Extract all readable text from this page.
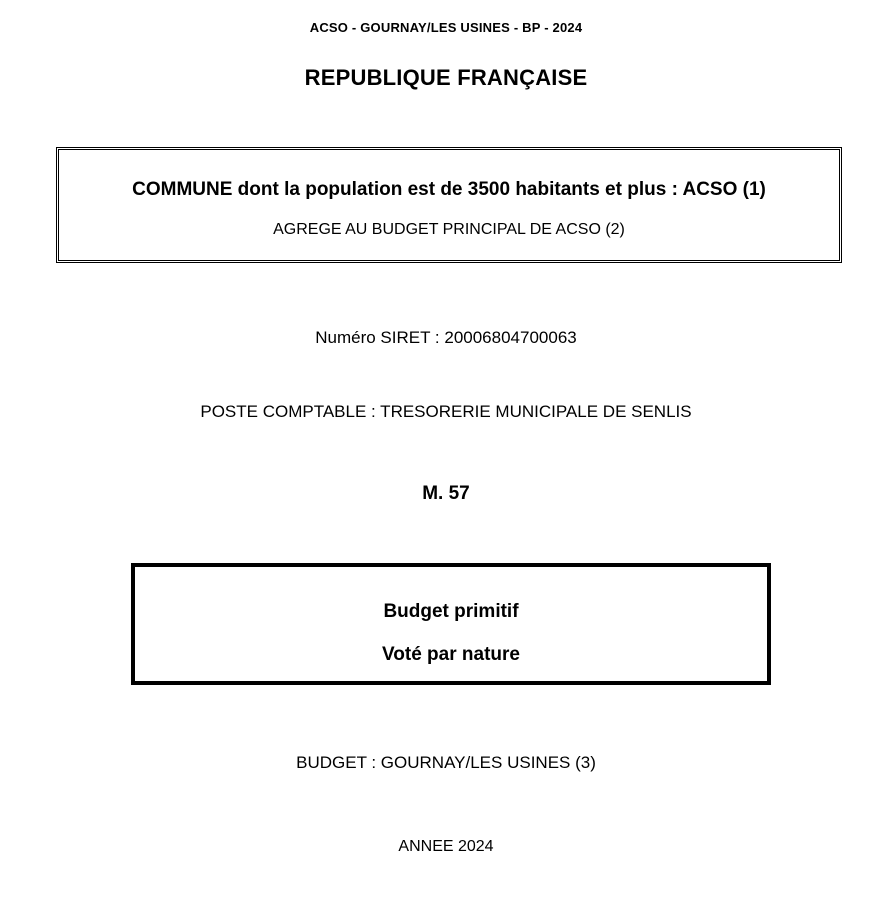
ACSO - GOURNAY/LES USINES - BP - 2024
REPUBLIQUE FRANÇAISE
COMMUNE dont la population est de 3500 habitants et plus : ACSO (1)
AGREGE AU BUDGET PRINCIPAL DE ACSO (2)
Numéro SIRET : 20006804700063
POSTE COMPTABLE : TRESORERIE MUNICIPALE DE SENLIS
M. 57
Budget primitif
Voté par nature
BUDGET : GOURNAY/LES USINES (3)
ANNEE 2024
